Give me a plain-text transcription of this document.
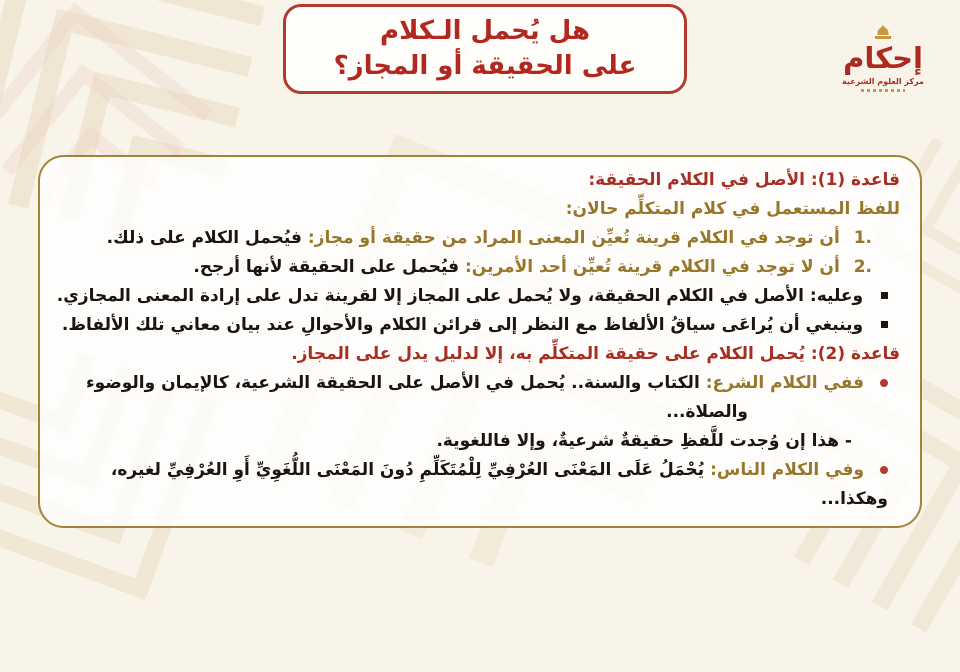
هل يُحمل الـكلام
على الحقيقة أو المجاز؟	إحكام
مركز العلوم الشرعية
قاعدة (1): الأصل في الكلام الحقيقة:
للفظ المستعمل في كلام المتكلِّم حالان:
1. أن توجد في الكلام قرينة تُعيِّن المعنى المراد من حقيقة أو مجاز: فيُحمل الكلام على ذلك.
2. أن لا توجد في الكلام قرينة تُعيِّن أحد الأمرين: فيُحمل على الحقيقة لأنها أرجح.
وعليه: الأصل في الكلام الحقيقة، ولا يُحمل على المجاز إلا لقرينة تدل على إرادة المعنى المجازي.
وينبغي أن يُراعَى سياقُ الألفاظ مع النظر إلى قرائن الكلام والأحوالِ عند بيان معاني تلك الألفاظ.
قاعدة (2): يُحمل الكلام على حقيقة المتكلِّم به، إلا لدليل يدل على المجاز.
ففي الكلام الشرع: الكتاب والسنة.. يُحمل في الأصل على الحقيقة الشرعية، كالإيمان والوضوء
والصلاة...
- هذا إن وُجدت للَّفظِ حقيقةٌ شرعيةٌ، وإلا فاللغوية.
وفي الكلام الناس: يُحْمَلُ عَلَى المَعْنَى العُرْفِيِّ لِلْمُتَكَلِّمِ دُونَ المَعْنَى اللُّغَوِيِّ أَوِ العُرْفِيِّ لغيره، وهكذا...
